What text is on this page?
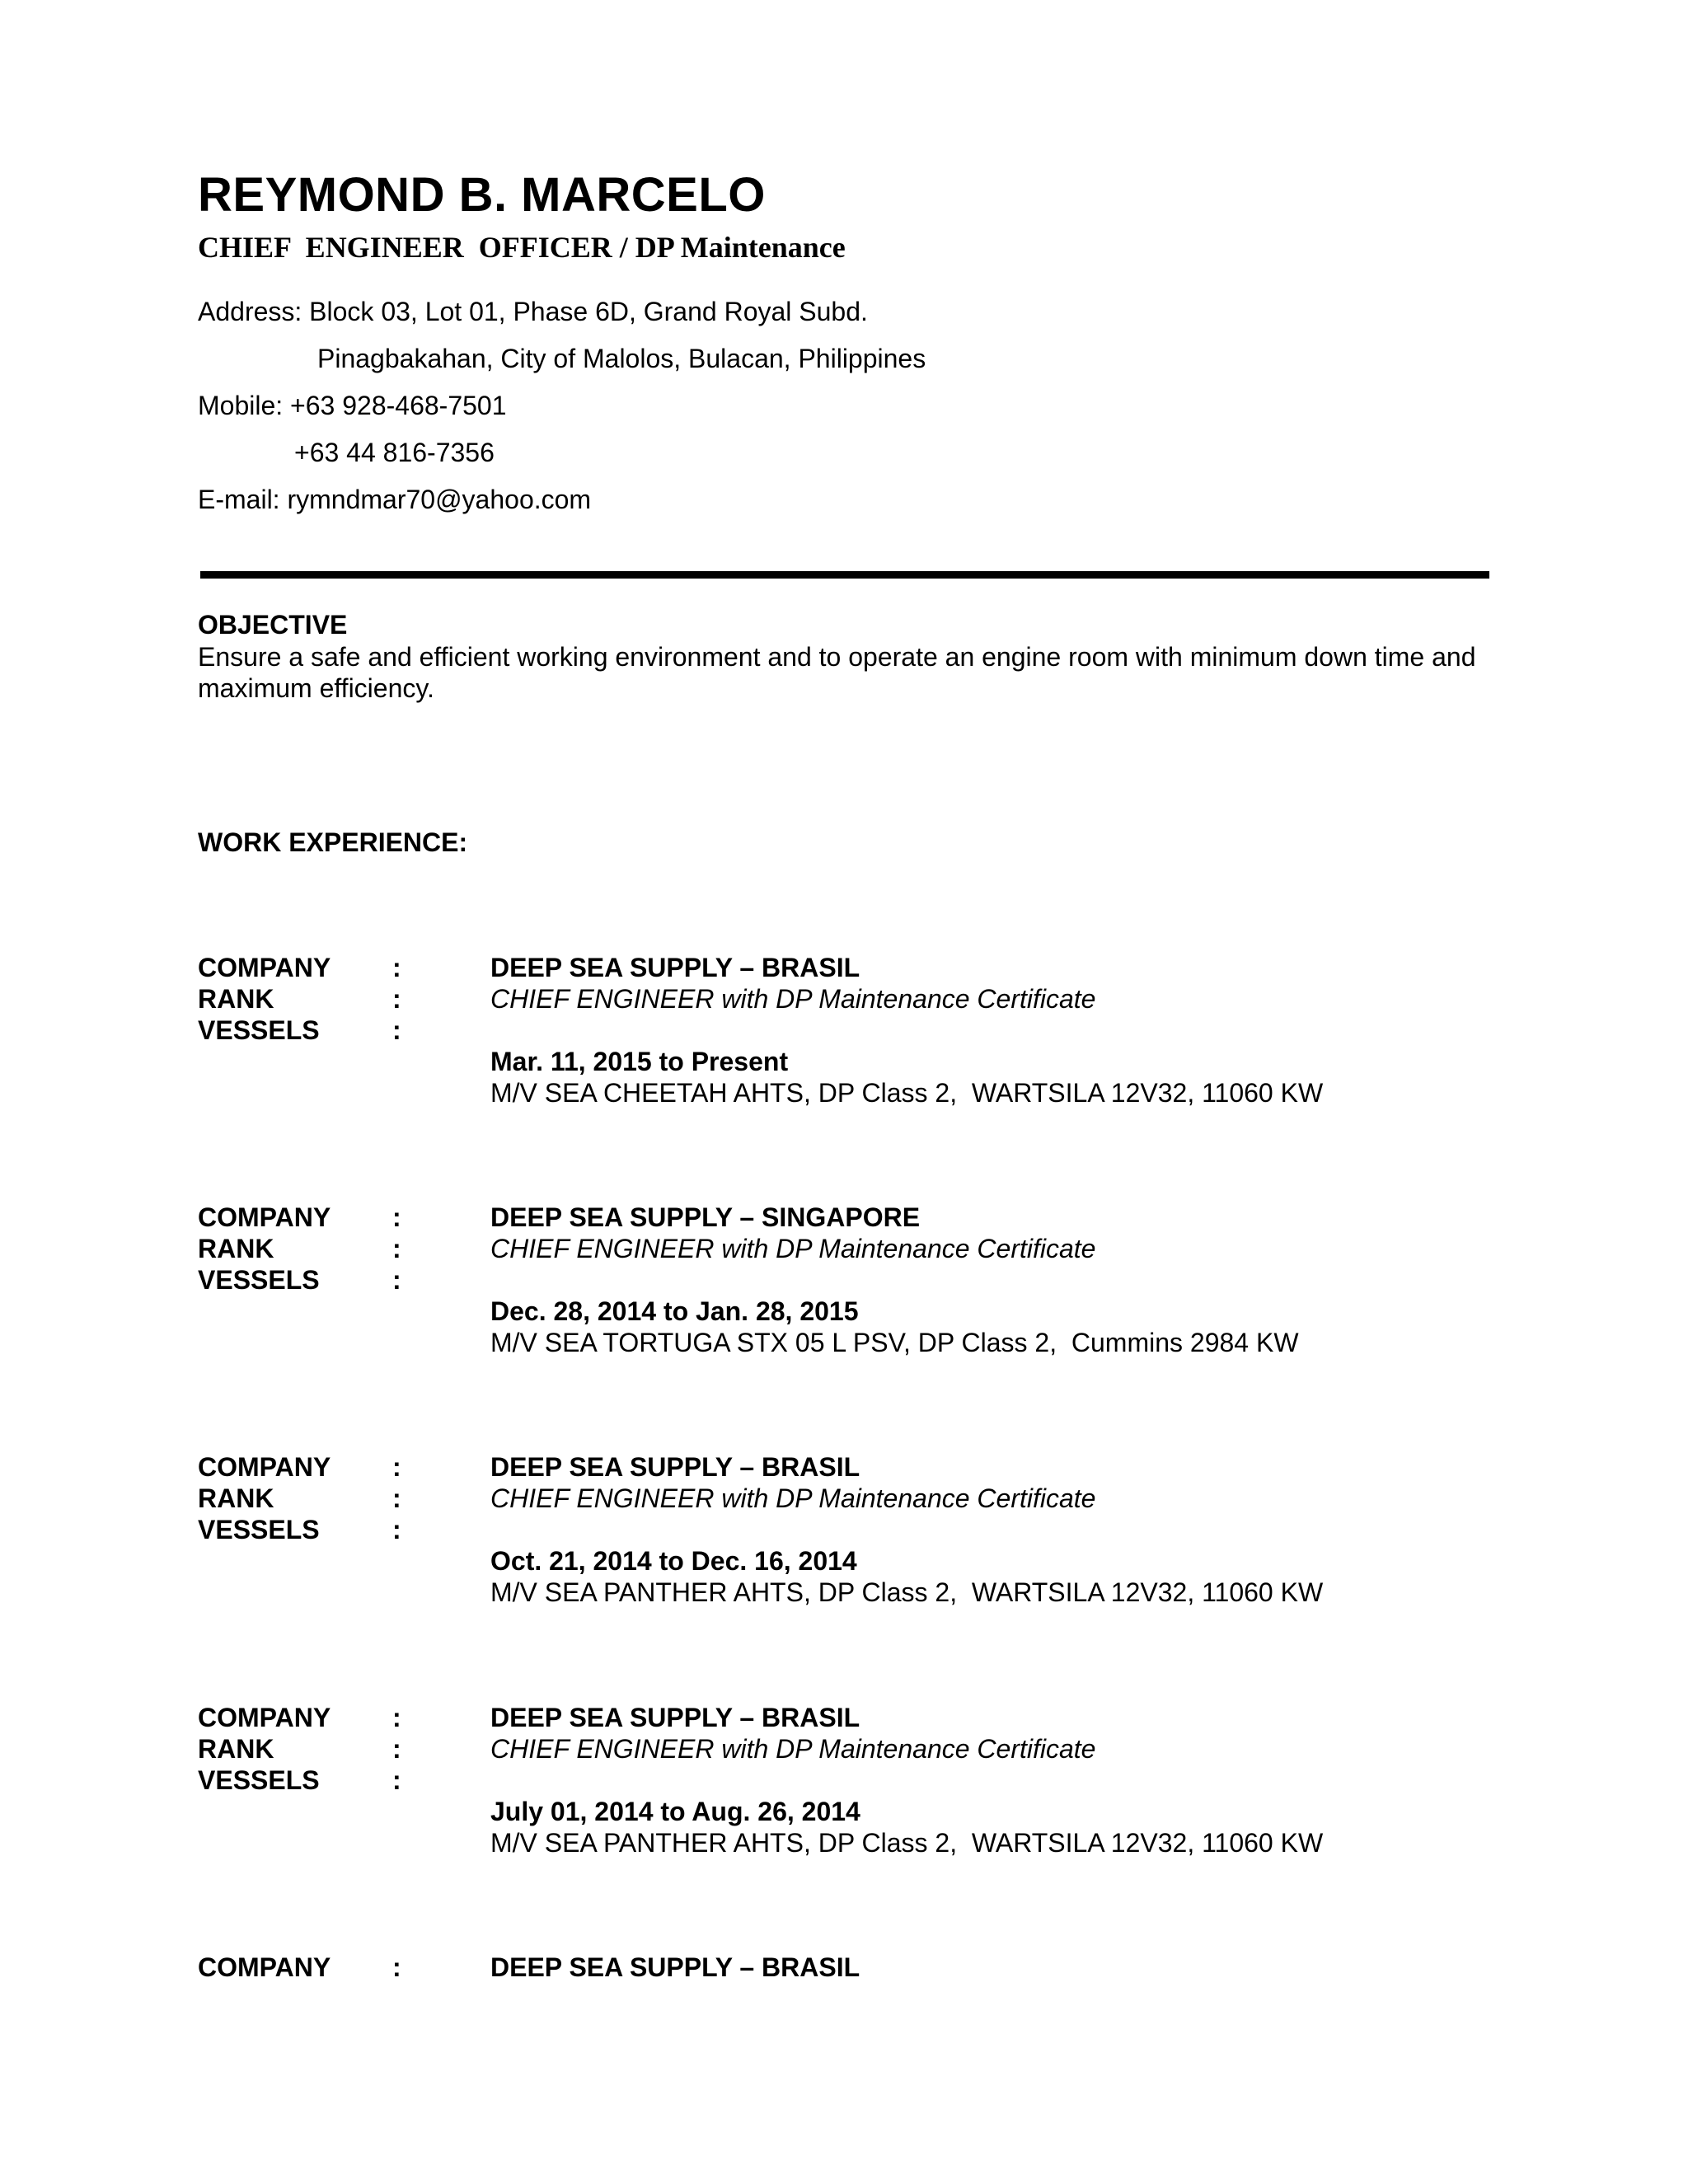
REYMOND B. MARCELO
CHIEF  ENGINEER  OFFICER / DP Maintenance
Address: Block 03, Lot 01, Phase 6D, Grand Royal Subd.
Pinagbakahan, City of Malolos, Bulacan, Philippines
Mobile: +63 928-468-7501
+63 44 816-7356
E-mail: rymndmar70@yahoo.com
OBJECTIVE
Ensure a safe and efficient working environment and to operate an engine room with minimum down time and maximum efficiency.
WORK EXPERIENCE:
COMPANY :	DEEP SEA SUPPLY – BRASIL
RANK	:	CHIEF ENGINEER with DP Maintenance Certificate
VESSELS	:
Mar. 11, 2015 to Present
M/V SEA CHEETAH AHTS, DP Class 2,  WARTSILA 12V32, 11060 KW
COMPANY :	DEEP SEA SUPPLY – SINGAPORE
RANK	:	CHIEF ENGINEER with DP Maintenance Certificate
VESSELS	:
Dec. 28, 2014 to Jan. 28, 2015
M/V SEA TORTUGA STX 05 L PSV, DP Class 2,  Cummins 2984 KW
COMPANY :	DEEP SEA SUPPLY – BRASIL
RANK	:	CHIEF ENGINEER with DP Maintenance Certificate
VESSELS	:
Oct. 21, 2014 to Dec. 16, 2014
M/V SEA PANTHER AHTS, DP Class 2,  WARTSILA 12V32, 11060 KW
COMPANY :	DEEP SEA SUPPLY – BRASIL
RANK	:	CHIEF ENGINEER with DP Maintenance Certificate
VESSELS	:
July 01, 2014 to Aug. 26, 2014
M/V SEA PANTHER AHTS, DP Class 2,  WARTSILA 12V32, 11060 KW
COMPANY :	DEEP SEA SUPPLY – BRASIL
